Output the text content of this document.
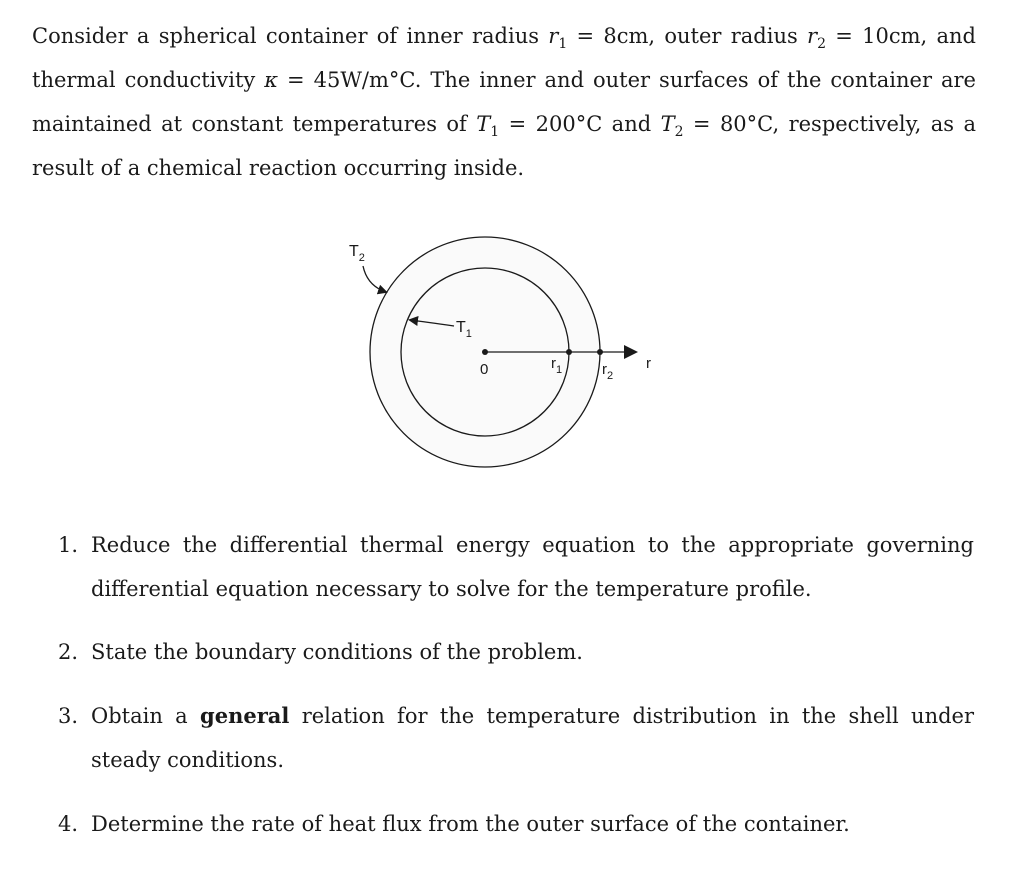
Consider a spherical container of inner radius $r_1 = 8cm$, outer radius $r_2 = 10cm$, and thermal conductivity κ = 45W/m°C. The inner and outer surfaces of the container are maintained at constant temperatures of $T_1 = 200^\circ C$ and $T_2 = 80^\circ C$, respectively, as a result of a chemical reaction occurring inside.

$T_2$
$T_1$
0	$r_1$	$r_2$
r
1. Reduce the differential thermal energy equation to the appropriate governing differential equation necessary to solve for the temperature profile.
2. State the boundary conditions of the problem.
3. Obtain a general relation for the temperature distribution in the shell under steady conditions.
4. Determine the rate of heat flux from the outer surface of the container.
